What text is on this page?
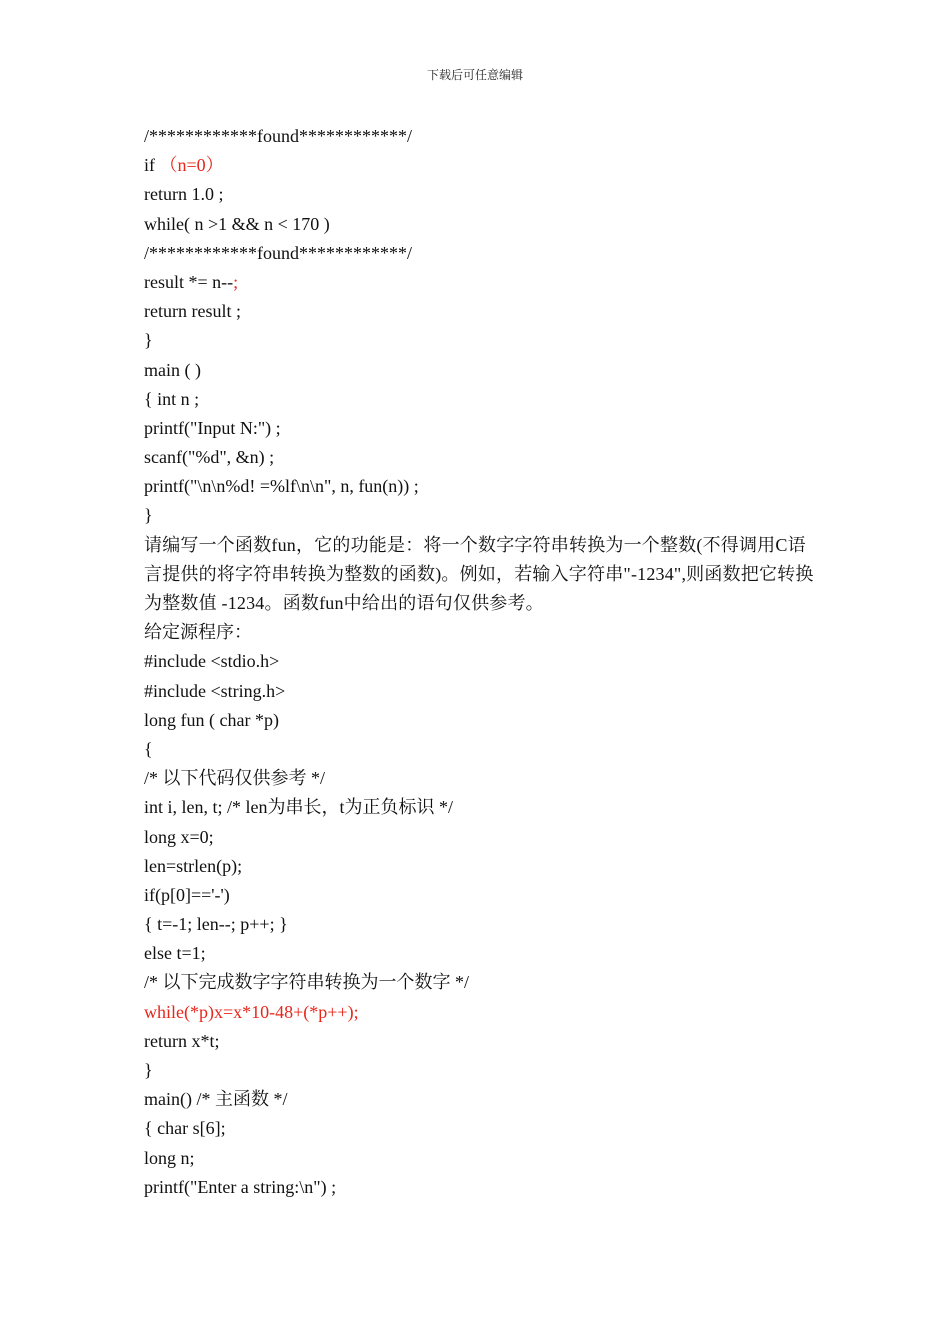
下载后可任意编辑
/************found************/
if （n=0）
return 1.0 ;
while( n >1 && n < 170 )
/************found************/
result *= n--;
return result ;
}
main ( )
{ int n ;
printf("Input N:") ;
scanf("%d", &n) ;
printf("\n\n%d! =%lf\n\n", n, fun(n)) ;
}
请编写一个函数fun，它的功能是：将一个数字字符串转换为一个整数(不得调用C语言提供的将字符串转换为整数的函数)。例如，若输入字符串"-1234",则函数把它转换为整数值 -1234。函数fun中给出的语句仅供参考。
给定源程序：
#include <stdio.h>
#include <string.h>
long fun ( char *p)
{
/* 以下代码仅供参考 */
int i, len, t; /* len为串长，t为正负标识 */
long x=0;
len=strlen(p);
if(p[0]=='-')
{ t=-1; len--; p++; }
else t=1;
/* 以下完成数字字符串转换为一个数字 */
while(*p)x=x*10-48+(*p++);
return x*t;
}
main() /* 主函数 */
{ char s[6];
long n;
printf("Enter a string:\n") ;
